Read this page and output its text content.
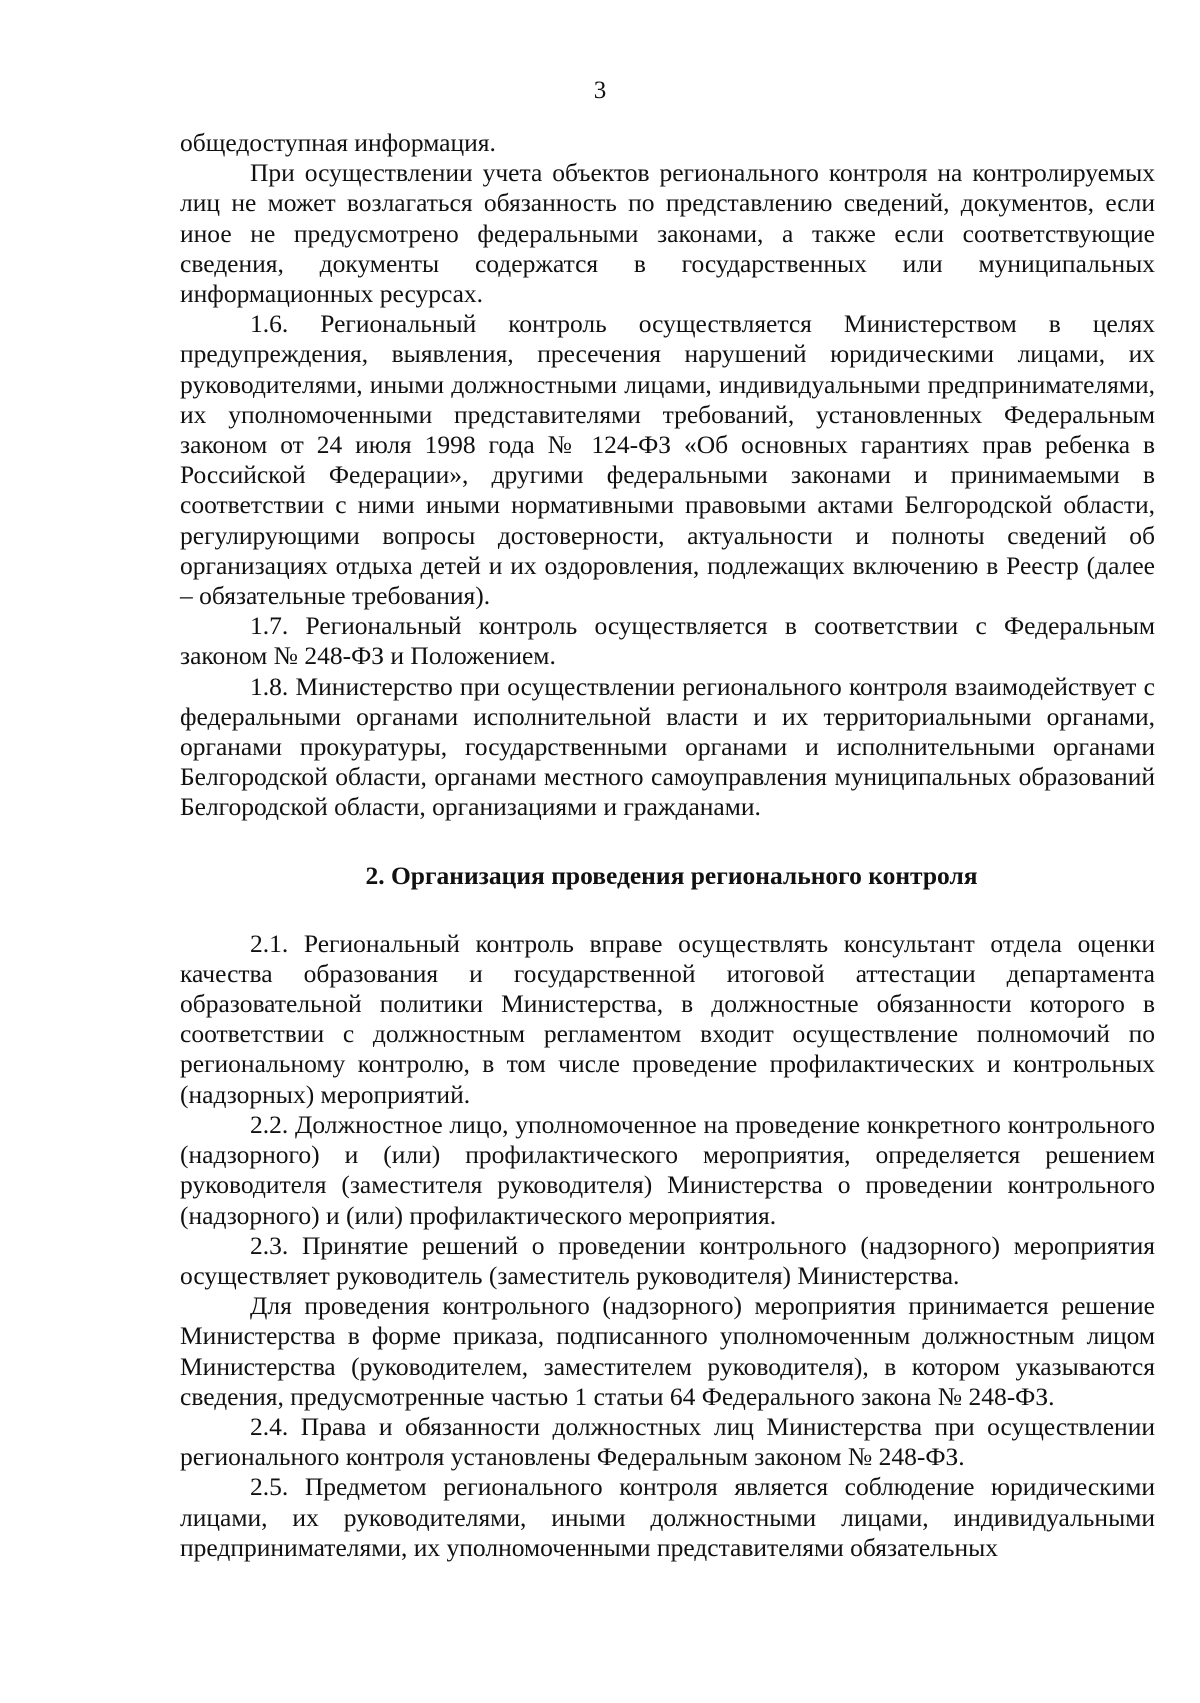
3

общедоступная информация.

При осуществлении учета объектов регионального контроля на контролируемых лиц не может возлагаться обязанность по представлению сведений, документов, если иное не предусмотрено федеральными законами, а также если соответствующие сведения, документы содержатся в государственных или муниципальных информационных ресурсах.

1.6. Региональный контроль осуществляется Министерством в целях предупреждения, выявления, пресечения нарушений юридическими лицами, их руководителями, иными должностными лицами, индивидуальными предпринимателями, их уполномоченными представителями требований, установленных Федеральным законом от 24 июля 1998 года № 124-ФЗ «Об основных гарантиях прав ребенка в Российской Федерации», другими федеральными законами и принимаемыми в соответствии с ними иными нормативными правовыми актами Белгородской области, регулирующими вопросы достоверности, актуальности и полноты сведений об организациях отдыха детей и их оздоровления, подлежащих включению в Реестр (далее – обязательные требования).

1.7. Региональный контроль осуществляется в соответствии с Федеральным законом № 248-ФЗ и Положением.

1.8. Министерство при осуществлении регионального контроля взаимодействует с федеральными органами исполнительной власти и их территориальными органами, органами прокуратуры, государственными органами и исполнительными органами Белгородской области, органами местного самоуправления муниципальных образований Белгородской области, организациями и гражданами.

2. Организация проведения регионального контроля

2.1. Региональный контроль вправе осуществлять консультант отдела оценки качества образования и государственной итоговой аттестации департамента образовательной политики Министерства, в должностные обязанности которого в соответствии с должностным регламентом входит осуществление полномочий по региональному контролю, в том числе проведение профилактических и контрольных (надзорных) мероприятий.

2.2. Должностное лицо, уполномоченное на проведение конкретного контрольного (надзорного) и (или) профилактического мероприятия, определяется решением руководителя (заместителя руководителя) Министерства о проведении контрольного (надзорного) и (или) профилактического мероприятия.

2.3. Принятие решений о проведении контрольного (надзорного) мероприятия осуществляет руководитель (заместитель руководителя) Министерства.

Для проведения контрольного (надзорного) мероприятия принимается решение Министерства в форме приказа, подписанного уполномоченным должностным лицом Министерства (руководителем, заместителем руководителя), в котором указываются сведения, предусмотренные частью 1 статьи 64 Федерального закона № 248-ФЗ.

2.4. Права и обязанности должностных лиц Министерства при осуществлении регионального контроля установлены Федеральным законом № 248-ФЗ.

2.5. Предметом регионального контроля является соблюдение юридическими лицами, их руководителями, иными должностными лицами, индивидуальными предпринимателями, их уполномоченными представителями обязательных
